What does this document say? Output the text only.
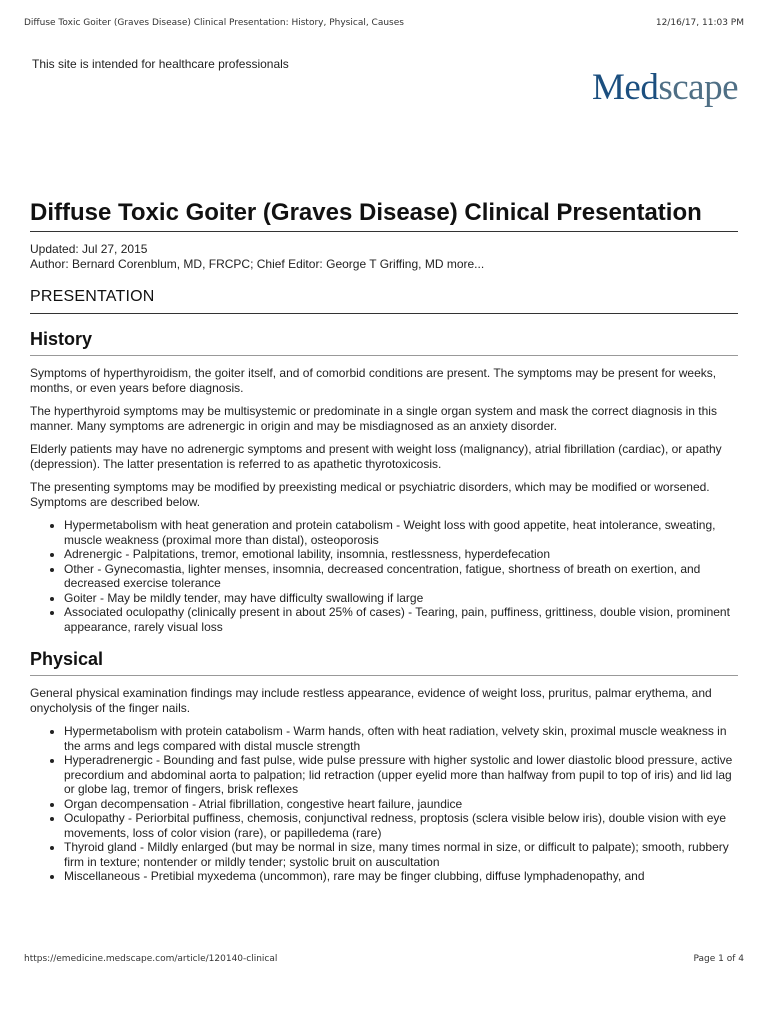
Diffuse Toxic Goiter (Graves Disease) Clinical Presentation: History, Physical, Causes	12/16/17, 11:03 PM
This site is intended for healthcare professionals
Medscape
Diffuse Toxic Goiter (Graves Disease) Clinical Presentation
Updated: Jul 27, 2015
Author: Bernard Corenblum, MD, FRCPC; Chief Editor: George T Griffing, MD more...
PRESENTATION
History

Symptoms of hyperthyroidism, the goiter itself, and of comorbid conditions are present. The symptoms may be present for weeks, months, or even years before diagnosis.

The hyperthyroid symptoms may be multisystemic or predominate in a single organ system and mask the correct diagnosis in this manner. Many symptoms are adrenergic in origin and may be misdiagnosed as an anxiety disorder.

Elderly patients may have no adrenergic symptoms and present with weight loss (malignancy), atrial fibrillation (cardiac), or apathy (depression). The latter presentation is referred to as apathetic thyrotoxicosis.

The presenting symptoms may be modified by preexisting medical or psychiatric disorders, which may be modified or worsened. Symptoms are described below.

• Hypermetabolism with heat generation and protein catabolism - Weight loss with good appetite, heat intolerance, sweating, muscle weakness (proximal more than distal), osteoporosis
• Adrenergic - Palpitations, tremor, emotional lability, insomnia, restlessness, hyperdefecation
• Other - Gynecomastia, lighter menses, insomnia, decreased concentration, fatigue, shortness of breath on exertion, and decreased exercise tolerance
• Goiter - May be mildly tender, may have difficulty swallowing if large
• Associated oculopathy (clinically present in about 25% of cases) - Tearing, pain, puffiness, grittiness, double vision, prominent appearance, rarely visual loss
Physical

General physical examination findings may include restless appearance, evidence of weight loss, pruritus, palmar erythema, and onycholysis of the finger nails.

• Hypermetabolism with protein catabolism - Warm hands, often with heat radiation, velvety skin, proximal muscle weakness in the arms and legs compared with distal muscle strength
• Hyperadrenergic - Bounding and fast pulse, wide pulse pressure with higher systolic and lower diastolic blood pressure, active precordium and abdominal aorta to palpation; lid retraction (upper eyelid more than halfway from pupil to top of iris) and lid lag or globe lag, tremor of fingers, brisk reflexes
• Organ decompensation - Atrial fibrillation, congestive heart failure, jaundice
• Oculopathy - Periorbital puffiness, chemosis, conjunctival redness, proptosis (sclera visible below iris), double vision with eye movements, loss of color vision (rare), or papilledema (rare)
• Thyroid gland - Mildly enlarged (but may be normal in size, many times normal in size, or difficult to palpate); smooth, rubbery firm in texture; nontender or mildly tender; systolic bruit on auscultation
• Miscellaneous - Pretibial myxedema (uncommon), rare may be finger clubbing, diffuse lymphadenopathy, and
https://emedicine.medscape.com/article/120140-clinical	Page 1 of 4
